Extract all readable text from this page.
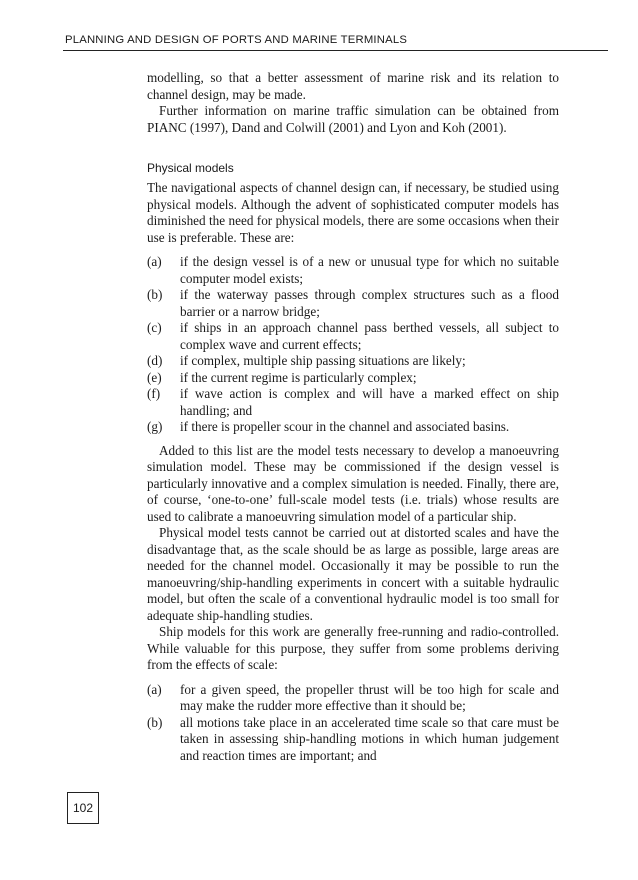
PLANNING AND DESIGN OF PORTS AND MARINE TERMINALS

modelling, so that a better assessment of marine risk and its relation to channel design, may be made.

Further information on marine traffic simulation can be obtained from PIANC (1997), Dand and Colwill (2001) and Lyon and Koh (2001).

Physical models

The navigational aspects of channel design can, if necessary, be studied using physical models. Although the advent of sophisticated computer models has diminished the need for physical models, there are some occasions when their use is preferable. These are:

(a)	if the design vessel is of a new or unusual type for which no suitable computer model exists;
(b)	if the waterway passes through complex structures such as a flood barrier or a narrow bridge;
(c)	if ships in an approach channel pass berthed vessels, all subject to complex wave and current effects;
(d)	if complex, multiple ship passing situations are likely;
(e)	if the current regime is particularly complex;
(f)	if wave action is complex and will have a marked effect on ship handling; and
(g)	if there is propeller scour in the channel and associated basins.

Added to this list are the model tests necessary to develop a manoeuvring simulation model. These may be commissioned if the design vessel is particularly innovative and a complex simulation is needed. Finally, there are, of course, ‘one-to-one’ full-scale model tests (i.e. trials) whose results are used to calibrate a manoeuvring simulation model of a particular ship.

Physical model tests cannot be carried out at distorted scales and have the disadvantage that, as the scale should be as large as possible, large areas are needed for the channel model. Occasionally it may be possible to run the manoeuvring/ship-handling experiments in concert with a suitable hydraulic model, but often the scale of a conventional hydraulic model is too small for adequate ship-handling studies.

Ship models for this work are generally free-running and radio-controlled. While valuable for this purpose, they suffer from some problems deriving from the effects of scale:

(a)	for a given speed, the propeller thrust will be too high for scale and may make the rudder more effective than it should be;
(b)	all motions take place in an accelerated time scale so that care must be taken in assessing ship-handling motions in which human judgement and reaction times are important; and
102
